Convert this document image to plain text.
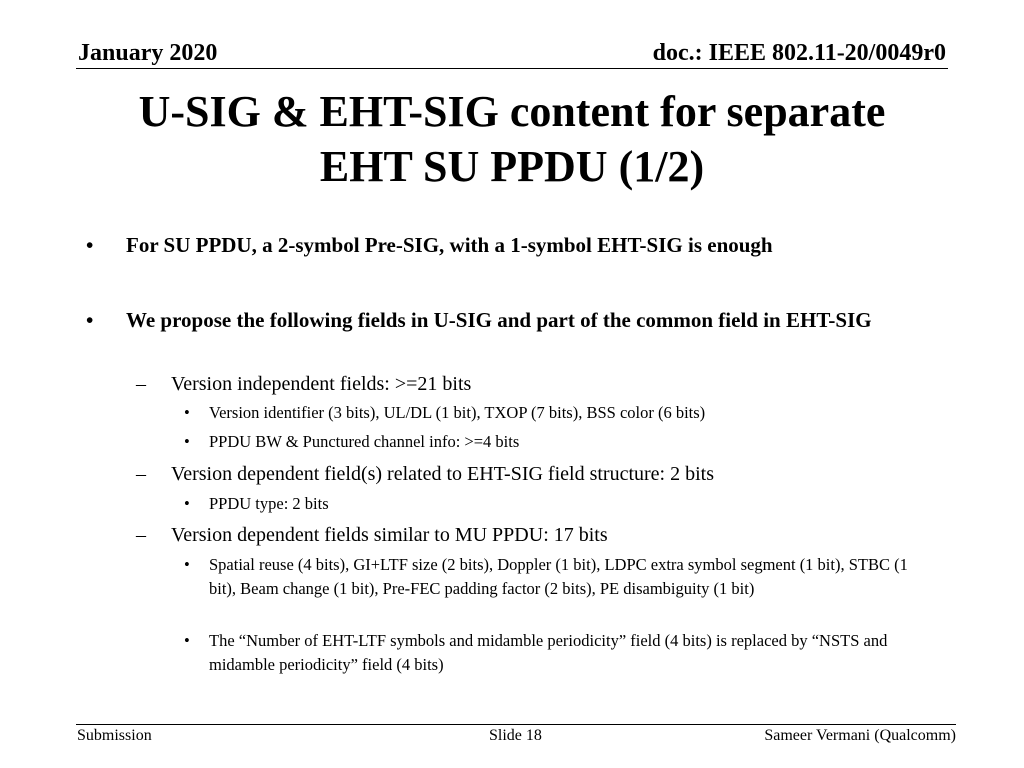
January 2020	doc.: IEEE 802.11-20/0049r0
U-SIG & EHT-SIG content for separate
EHT SU PPDU (1/2)
•	For SU PPDU, a 2-symbol Pre-SIG, with a 1-symbol EHT-SIG is enough
•	We propose the following fields in U-SIG and part of the common field in EHT-SIG
–	Version independent fields: >=21 bits
•	Version identifier (3 bits), UL/DL (1 bit), TXOP (7 bits), BSS color (6 bits)
•	PPDU BW & Punctured channel info: >=4 bits
–	Version dependent field(s) related to EHT-SIG field structure: 2 bits
•	PPDU type: 2 bits
–	Version dependent fields similar to MU PPDU: 17 bits
•	Spatial reuse (4 bits), GI+LTF size (2 bits), Doppler (1 bit), LDPC extra symbol segment (1 bit), STBC (1 bit), Beam change (1 bit), Pre-FEC padding factor (2 bits), PE disambiguity (1 bit)
•	The “Number of EHT-LTF symbols and midamble periodicity” field (4 bits) is replaced by “NSTS and midamble periodicity” field (4 bits)
Submission	Slide 18	Sameer Vermani (Qualcomm)
